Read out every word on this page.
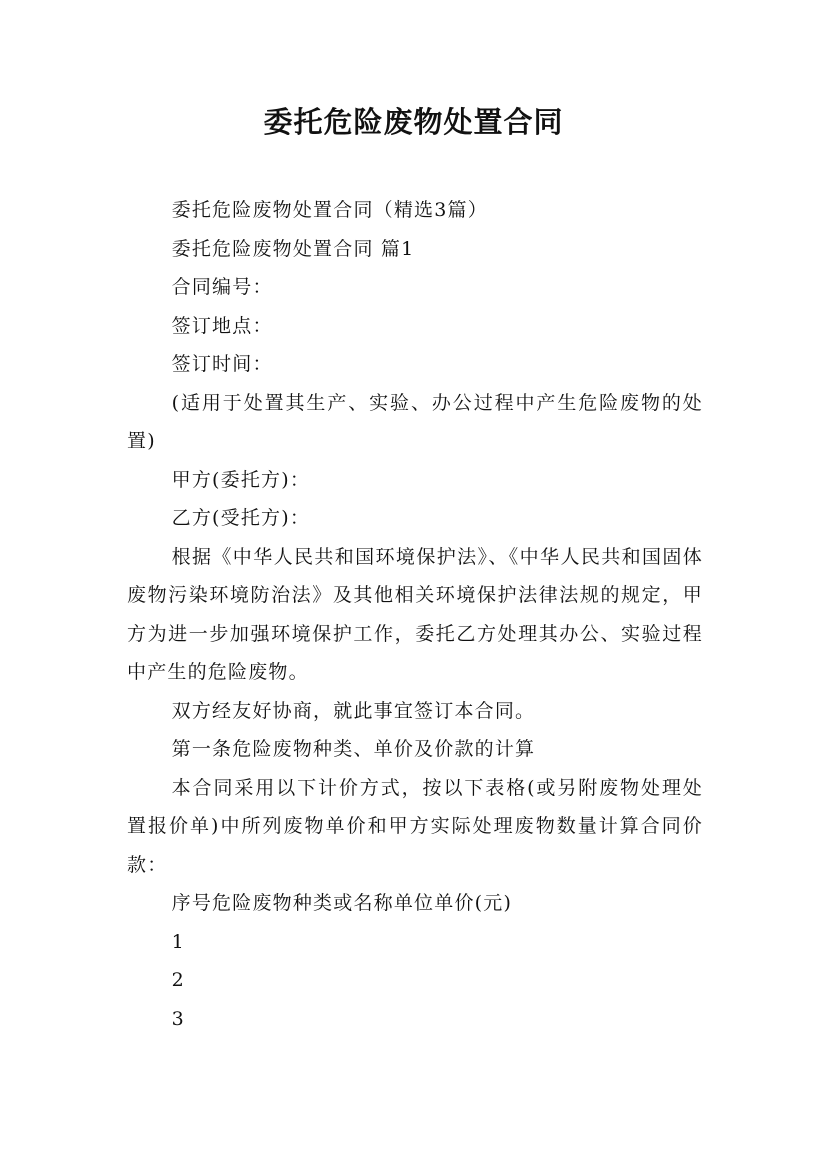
委托危险废物处置合同

委托危险废物处置合同（精选3篇）

委托危险废物处置合同 篇1

合同编号：

签订地点：

签订时间：

(适用于处置其生产、实验、办公过程中产生危险废物的处置)

甲方(委托方)：

乙方(受托方)：

根据《中华人民共和国环境保护法》、《中华人民共和国固体废物污染环境防治法》及其他相关环境保护法律法规的规定，甲方为进一步加强环境保护工作，委托乙方处理其办公、实验过程中产生的危险废物。

双方经友好协商，就此事宜签订本合同。

第一条危险废物种类、单价及价款的计算

本合同采用以下计价方式，按以下表格(或另附废物处理处置报价单)中所列废物单价和甲方实际处理废物数量计算合同价款：

序号危险废物种类或名称单位单价(元)

1

2

3
